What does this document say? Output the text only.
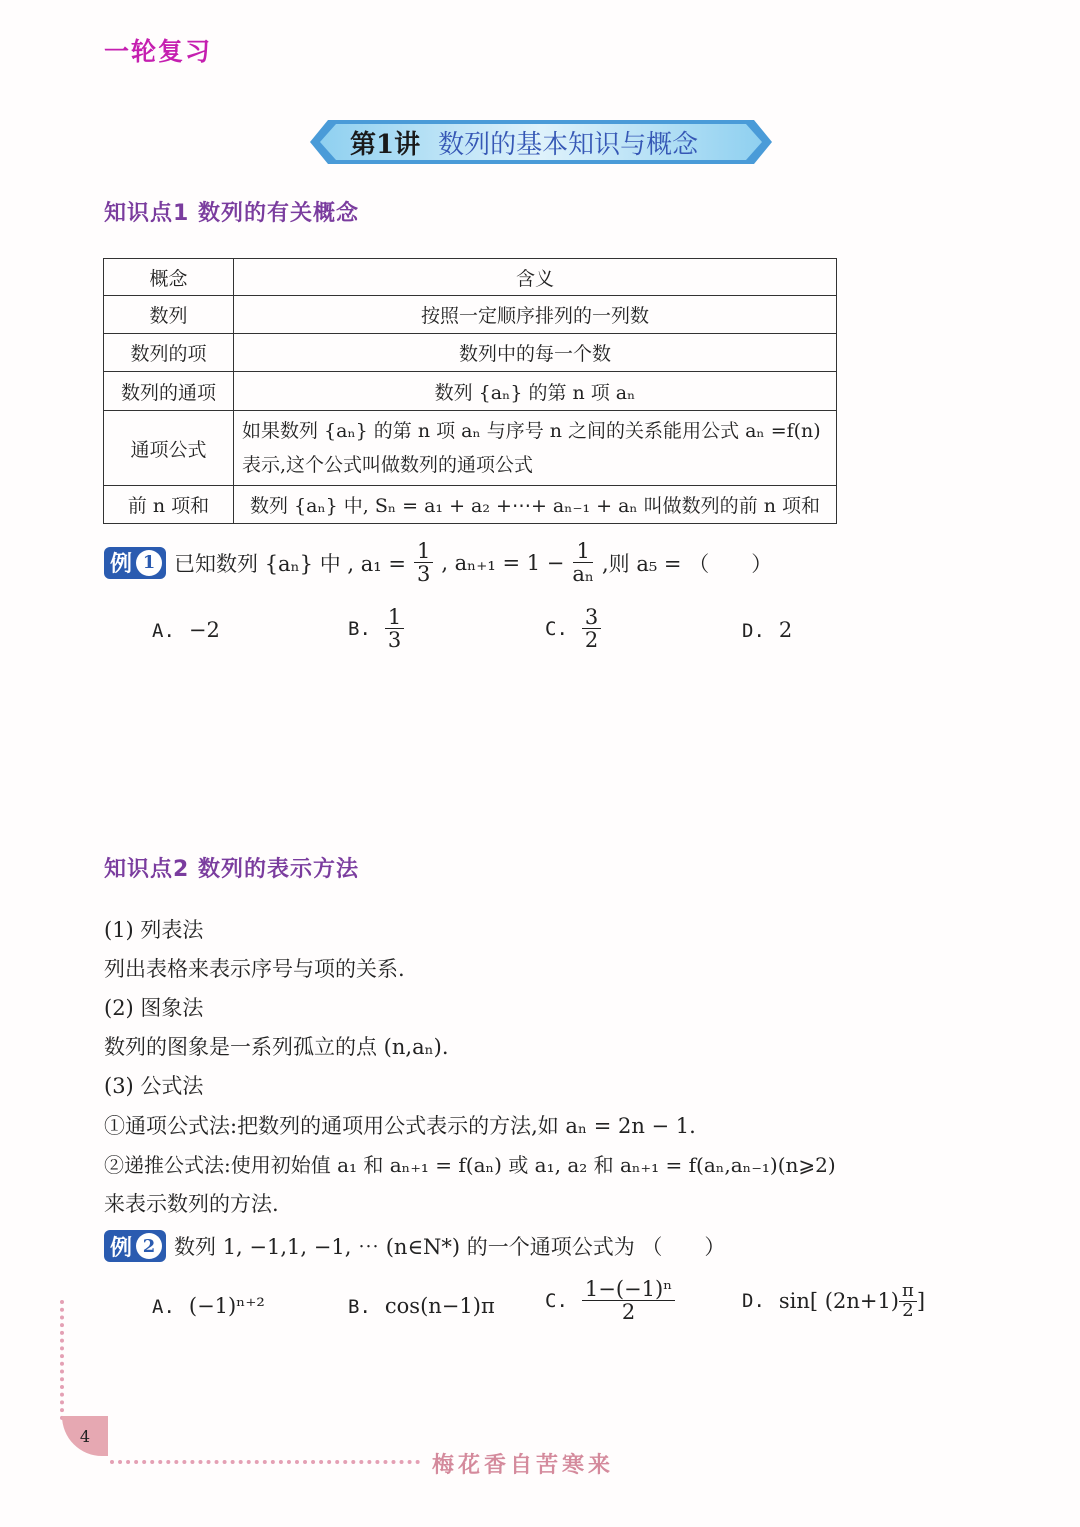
一轮复习
第1讲 数列的基本知识与概念
知识点1 数列的有关概念
概念	含义
数列	按照一定顺序排列的一列数
数列的项	数列中的每一个数
数列的通项	数列 {aₙ} 的第 n 项 aₙ
通项公式	如果数列 {aₙ} 的第 n 项 aₙ 与序号 n 之间的关系能用公式 aₙ =f(n) 表示,这个公式叫做数列的通项公式
前 n 项和	数列 {aₙ} 中, Sₙ = a₁ + a₂ +⋯+ aₙ₋₁ + aₙ 叫做数列的前 n 项和
例 1 已知数列 {aₙ} 中 , $a_1 = \frac{1}{3}$ , $a_{n+1} = 1 - \frac{1}{\text{aₙ}}$ ,则 a₅ = （　　）
A. −2	B. $\frac{1}{3}$	C. $\frac{3}{2}$	D. 2
知识点2 数列的表示方法
(1) 列表法
列出表格来表示序号与项的关系.
(2) 图象法
数列的图象是一系列孤立的点 (n,aₙ).
(3) 公式法
①通项公式法:把数列的通项用公式表示的方法,如 aₙ = 2n − 1.
②递推公式法:使用初始值 a₁ 和 aₙ₊₁ = f(aₙ) 或 a₁, a₂ 和 aₙ₊₁ = f(aₙ,aₙ₋₁)(n⩾2)
来表示数列的方法.
例 2 数列 1, −1,1, −1, ⋯ (n∈N*) 的一个通项公式为 （　　）
A. (−1)ⁿ⁺²	B. cos(n−1)π	C. $\frac{\text{1−(−1)ⁿ}}{2}$	D. sin[ $(2n+1) \frac{\pi}{2}$ ]
4
梅花香自苦寒来
